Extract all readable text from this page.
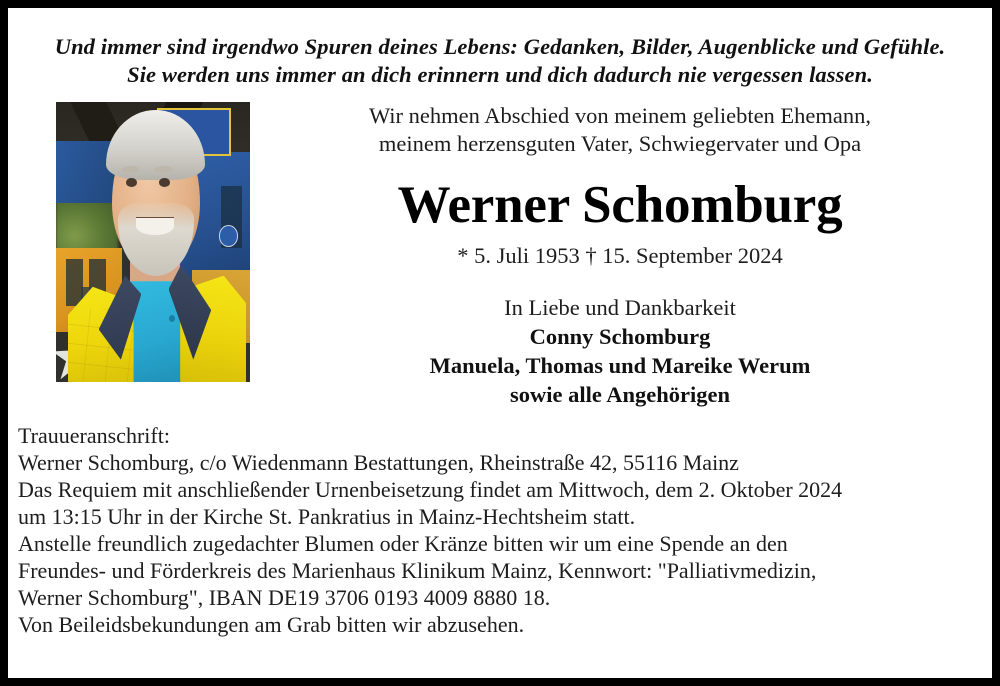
Und immer sind irgendwo Spuren deines Lebens: Gedanken, Bilder, Augenblicke und Gefühle.
Sie werden uns immer an dich erinnern und dich dadurch nie vergessen lassen.
Wir nehmen Abschied von meinem geliebten Ehemann,
meinem herzensguten Vater, Schwiegervater und Opa
Werner Schomburg
* 5. Juli 1953 † 15. September 2024
In Liebe und Dankbarkeit
Conny Schomburg
Manuela, Thomas und Mareike Werum
sowie alle Angehörigen
Trauueranschrift:
Werner Schomburg, c/o Wiedenmann Bestattungen, Rheinstraße 42, 55116 Mainz
Das Requiem mit anschließender Urnenbeisetzung findet am Mittwoch, dem 2. Oktober 2024
um 13:15 Uhr in der Kirche St. Pankratius in Mainz-Hechtsheim statt.
Anstelle freundlich zugedachter Blumen oder Kränze bitten wir um eine Spende an den
Freundes- und Förderkreis des Marienhaus Klinikum Mainz, Kennwort: "Palliativmedizin,
Werner Schomburg", IBAN DE19 3706 0193 4009 8880 18.
Von Beileidsbekundungen am Grab bitten wir abzusehen.
